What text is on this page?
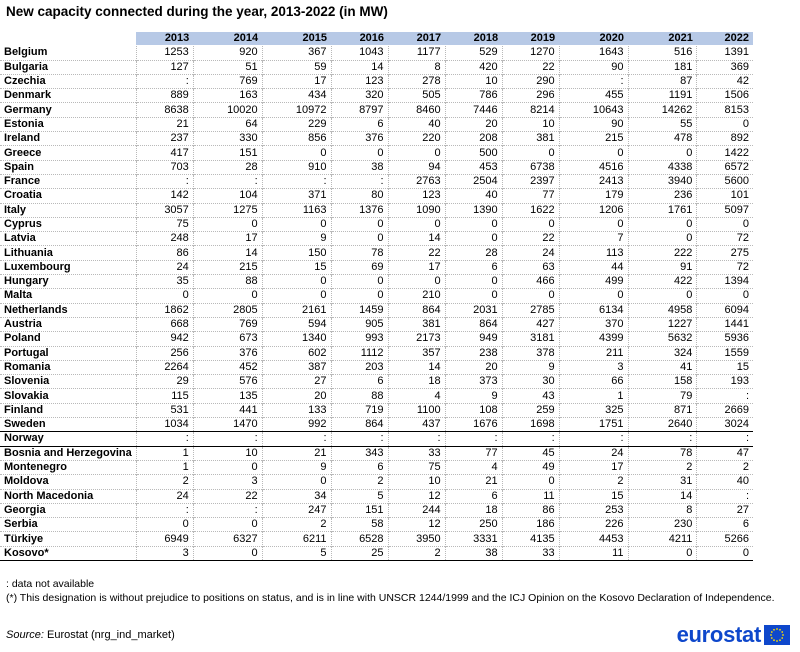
New capacity connected during the year, 2013-2022 (in MW)
	2013	2014	2015	2016	2017	2018	2019	2020	2021	2022
Belgium	1253	920	367	1043	1177	529	1270	1643	516	1391
Bulgaria	127	51	59	14	8	420	22	90	181	369
Czechia	:	769	17	123	278	10	290	:	87	42
Denmark	889	163	434	320	505	786	296	455	1191	1506
Germany	8638	10020	10972	8797	8460	7446	8214	10643	14262	8153
Estonia	21	64	229	6	40	20	10	90	55	0
Ireland	237	330	856	376	220	208	381	215	478	892
Greece	417	151	0	0	0	500	0	0	0	1422
Spain	703	28	910	38	94	453	6738	4516	4338	6572
France	:	:	:	:	2763	2504	2397	2413	3940	5600
Croatia	142	104	371	80	123	40	77	179	236	101
Italy	3057	1275	1163	1376	1090	1390	1622	1206	1761	5097
Cyprus	75	0	0	0	0	0	0	0	0	0
Latvia	248	17	9	0	14	0	22	7	0	72
Lithuania	86	14	150	78	22	28	24	113	222	275
Luxembourg	24	215	15	69	17	6	63	44	91	72
Hungary	35	88	0	0	0	0	466	499	422	1394
Malta	0	0	0	0	210	0	0	0	0	0
Netherlands	1862	2805	2161	1459	864	2031	2785	6134	4958	6094
Austria	668	769	594	905	381	864	427	370	1227	1441
Poland	942	673	1340	993	2173	949	3181	4399	5632	5936
Portugal	256	376	602	1112	357	238	378	211	324	1559
Romania	2264	452	387	203	14	20	9	3	41	15
Slovenia	29	576	27	6	18	373	30	66	158	193
Slovakia	115	135	20	88	4	9	43	1	79	:
Finland	531	441	133	719	1100	108	259	325	871	2669
Sweden	1034	1470	992	864	437	1676	1698	1751	2640	3024
Norway	:	:	:	:	:	:	:	:	:	:
Bosnia and Herzegovina	1	10	21	343	33	77	45	24	78	47
Montenegro	1	0	9	6	75	4	49	17	2	2
Moldova	2	3	0	2	10	21	0	2	31	40
North Macedonia	24	22	34	5	12	6	11	15	14	:
Georgia	:	:	247	151	244	18	86	253	8	27
Serbia	0	0	2	58	12	250	186	226	230	6
Türkiye	6949	6327	6211	6528	3950	3331	4135	4453	4211	5266
Kosovo*	3	0	5	25	2	38	33	11	0	0
: data not available
(*) This designation is without prejudice to positions on status, and is in line with UNSCR 1244/1999 and the ICJ Opinion on the Kosovo Declaration of Independence.
Source: Eurostat (nrg_ind_market)	eurostat
